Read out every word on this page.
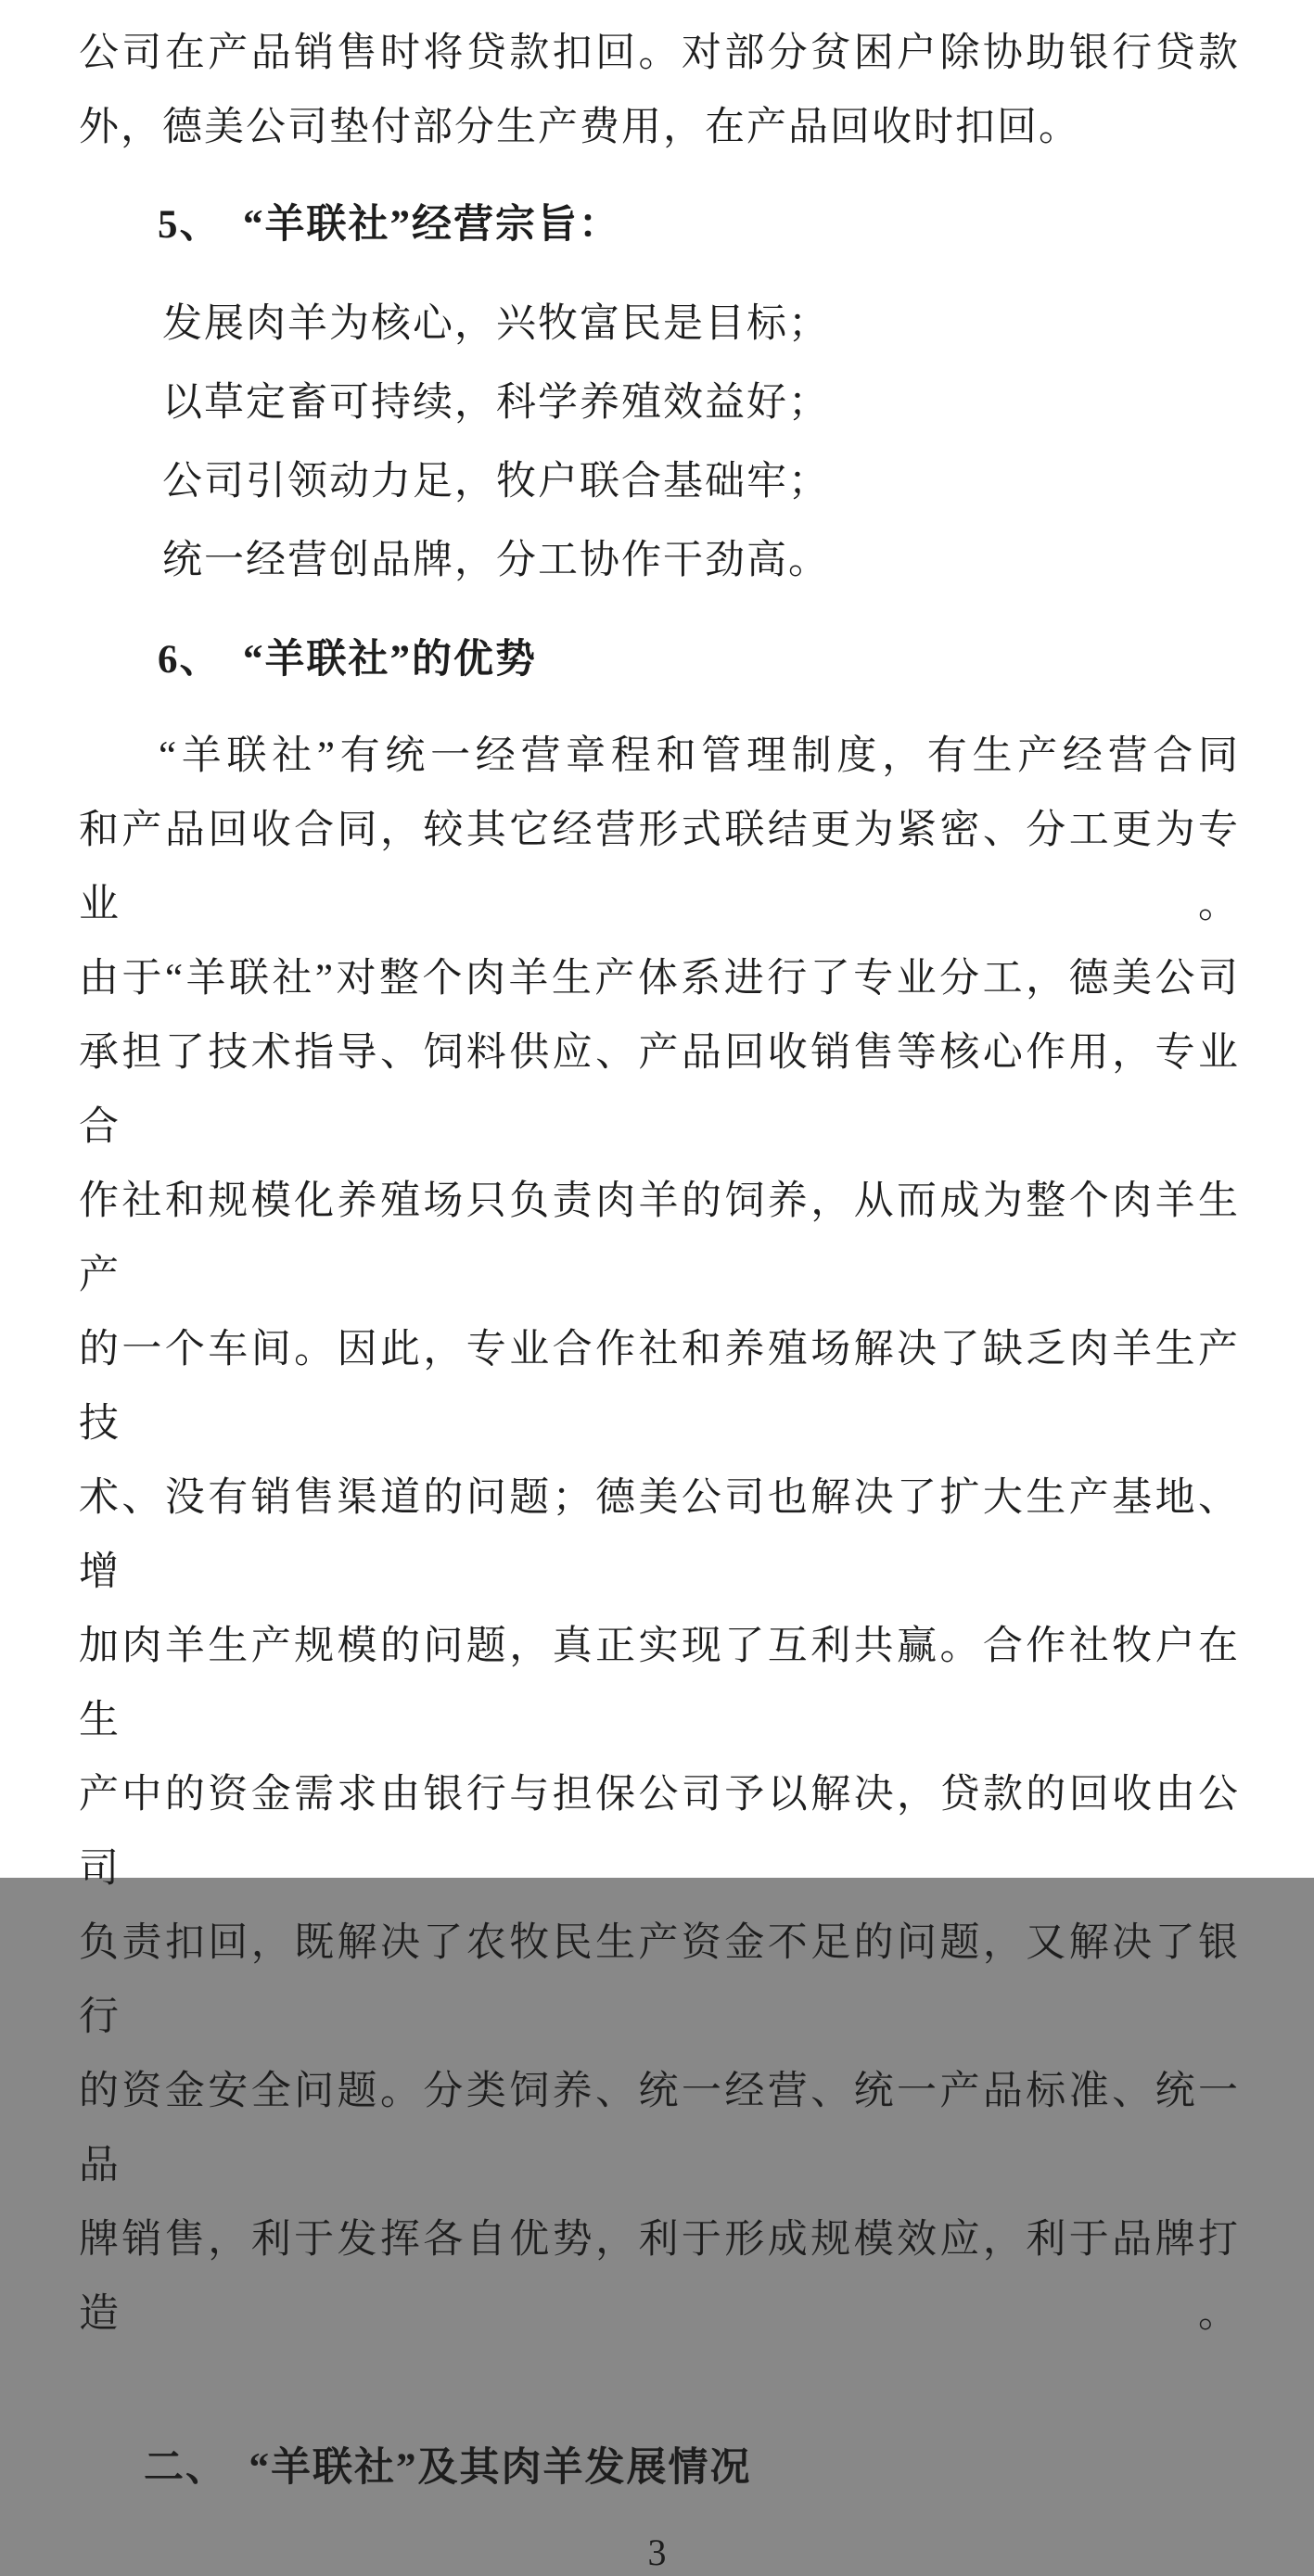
公司在产品销售时将贷款扣回。对部分贫困户除协助银行贷款
外，德美公司垫付部分生产费用，在产品回收时扣回。
5、　“羊联社”经营宗旨：
发展肉羊为核心，兴牧富民是目标；
以草定畜可持续，科学养殖效益好；
公司引领动力足，牧户联合基础牢；
统一经营创品牌，分工协作干劲高。
6、　“羊联社”的优势
“羊联社”有统一经营章程和管理制度，有生产经营合同
和产品回收合同，较其它经营形式联结更为紧密、分工更为专业。
由于“羊联社”对整个肉羊生产体系进行了专业分工，德美公司
承担了技术指导、饲料供应、产品回收销售等核心作用，专业合
作社和规模化养殖场只负责肉羊的饲养，从而成为整个肉羊生产
的一个车间。因此，专业合作社和养殖场解决了缺乏肉羊生产技
术、没有销售渠道的问题；德美公司也解决了扩大生产基地、增
加肉羊生产规模的问题，真正实现了互利共赢。合作社牧户在生
产中的资金需求由银行与担保公司予以解决，贷款的回收由公司
负责扣回，既解决了农牧民生产资金不足的问题，又解决了银行
的资金安全问题。分类饲养、统一经营、统一产品标准、统一品
牌销售，利于发挥各自优势，利于形成规模效应，利于品牌打造。
二、　“羊联社”及其肉羊发展情况
3
